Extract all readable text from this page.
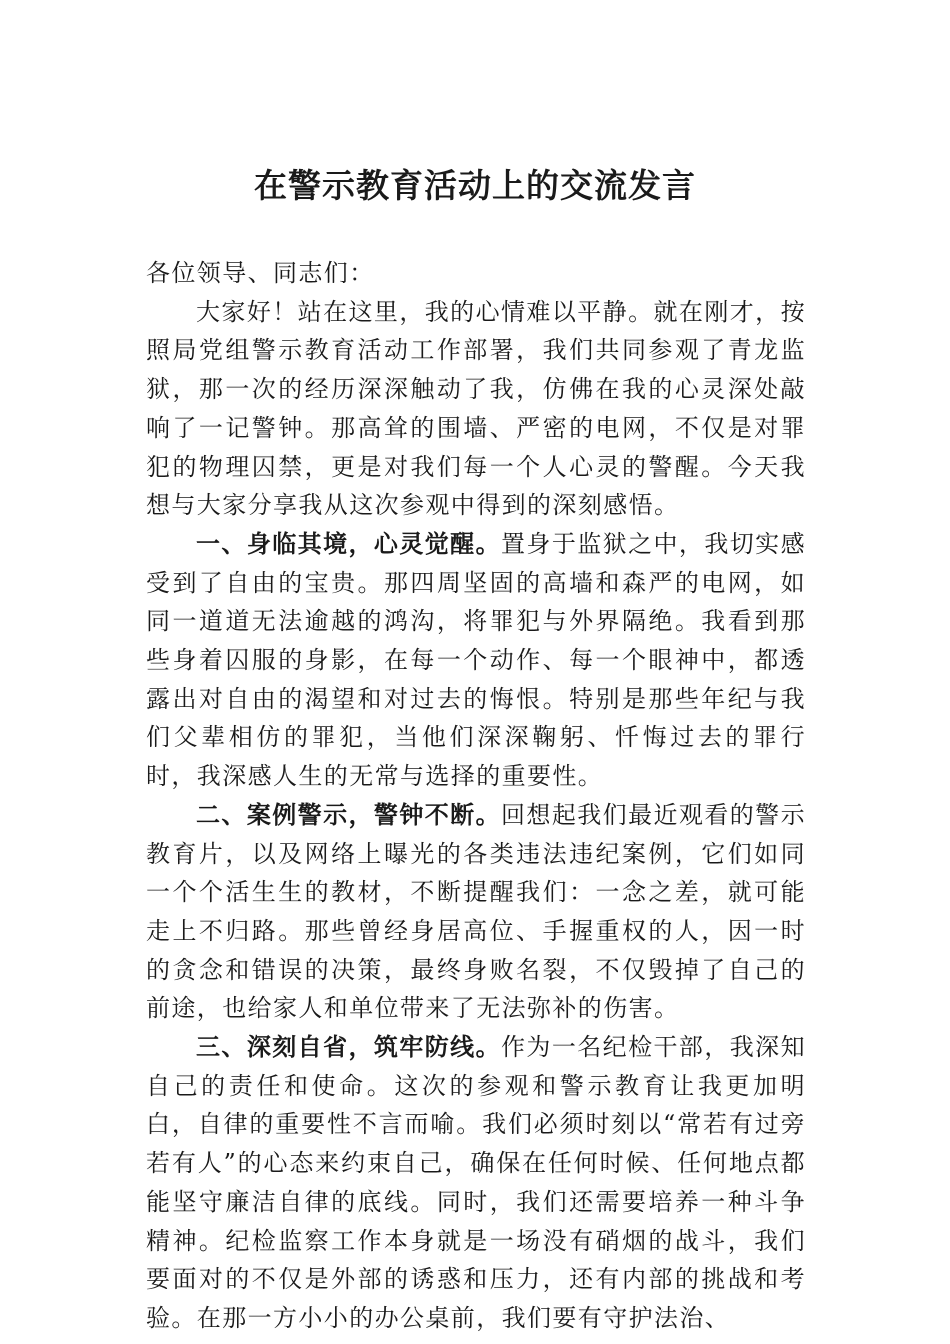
在警示教育活动上的交流发言

各位领导、同志们：

大家好！站在这里，我的心情难以平静。就在刚才，按照局党组警示教育活动工作部署，我们共同参观了青龙监狱，那一次的经历深深触动了我，仿佛在我的心灵深处敲响了一记警钟。那高耸的围墙、严密的电网，不仅是对罪犯的物理囚禁，更是对我们每一个人心灵的警醒。今天我想与大家分享我从这次参观中得到的深刻感悟。

一、身临其境，心灵觉醒。置身于监狱之中，我切实感受到了自由的宝贵。那四周坚固的高墙和森严的电网，如同一道道无法逾越的鸿沟，将罪犯与外界隔绝。我看到那些身着囚服的身影，在每一个动作、每一个眼神中，都透露出对自由的渴望和对过去的悔恨。特别是那些年纪与我们父辈相仿的罪犯，当他们深深鞠躬、忏悔过去的罪行时，我深感人生的无常与选择的重要性。

二、案例警示，警钟不断。回想起我们最近观看的警示教育片，以及网络上曝光的各类违法违纪案例，它们如同一个个活生生的教材，不断提醒我们：一念之差，就可能走上不归路。那些曾经身居高位、手握重权的人，因一时的贪念和错误的决策，最终身败名裂，不仅毁掉了自己的前途，也给家人和单位带来了无法弥补的伤害。

三、深刻自省，筑牢防线。作为一名纪检干部，我深知自己的责任和使命。这次的参观和警示教育让我更加明白，自律的重要性不言而喻。我们必须时刻以“常若有过旁若有人”的心态来约束自己，确保在任何时候、任何地点都能坚守廉洁自律的底线。同时，我们还需要培养一种斗争精神。纪检监察工作本身就是一场没有硝烟的战斗，我们要面对的不仅是外部的诱惑和压力，还有内部的挑战和考验。在那一方小小的办公桌前，我们要有守护法治、
